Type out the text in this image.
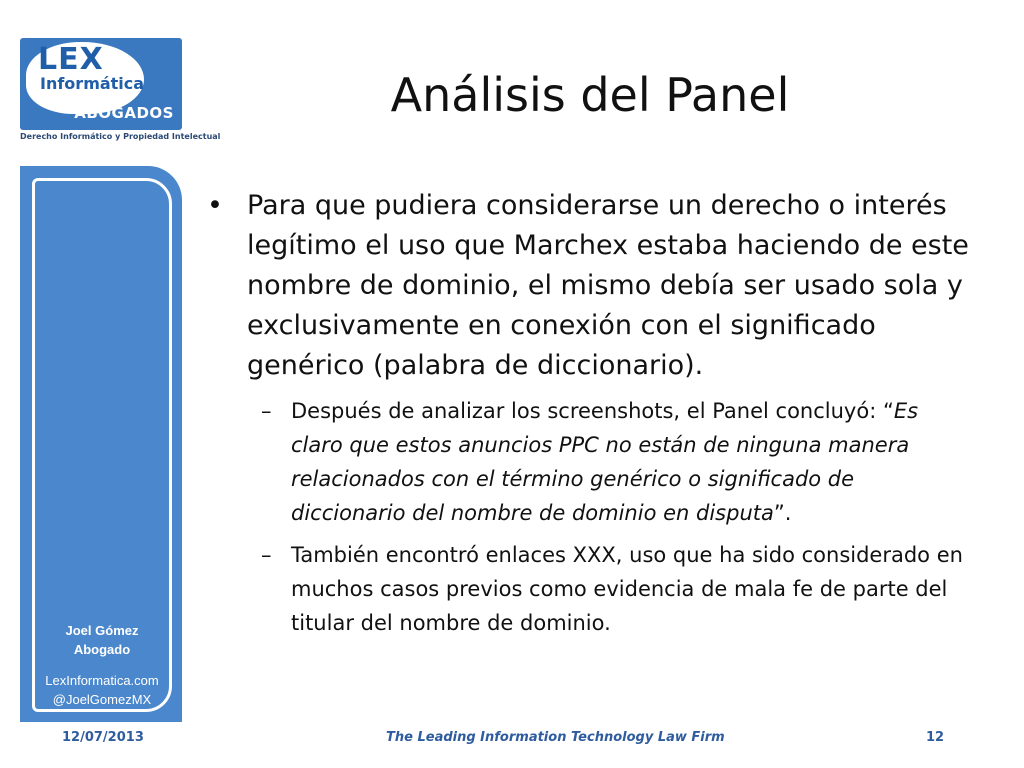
LEX
Informática
ABOGADOS
Derecho Informático y Propiedad Intelectual
Joel Gómez
Abogado
LexInformatica.com
@JoelGomezMX
Análisis del Panel
• Para que pudiera considerarse un derecho o interés legítimo el uso que Marchex estaba haciendo de este nombre de dominio, el mismo debía ser usado sola y exclusivamente en conexión con el significado genérico (palabra de diccionario).
– Después de analizar los screenshots, el Panel concluyó: “Es claro que estos anuncios PPC no están de ninguna manera relacionados con el término genérico o significado de diccionario del nombre de dominio en disputa”.
– También encontró enlaces XXX, uso que ha sido considerado en muchos casos previos como evidencia de mala fe de parte del titular del nombre de dominio.
12/07/2013	The Leading Information Technology Law Firm	12
